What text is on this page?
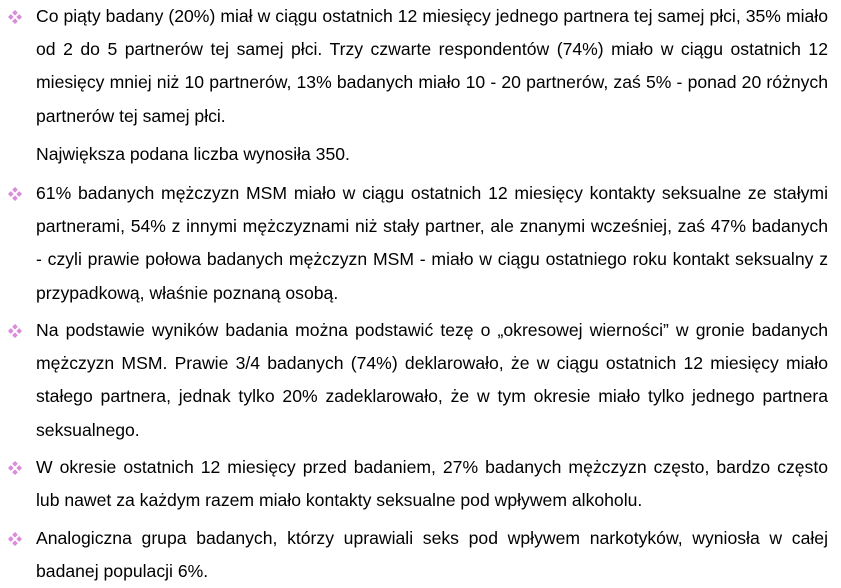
Co piąty badany (20%) miał w ciągu ostatnich 12 miesięcy jednego partnera tej samej płci, 35% miało od 2 do 5 partnerów tej samej płci. Trzy czwarte respondentów (74%) miało w ciągu ostatnich 12 miesięcy mniej niż 10 partnerów, 13% badanych miało 10 - 20 partnerów, zaś 5% - ponad 20 różnych partnerów tej samej płci.

Największa podana liczba wynosiła 350.

61% badanych mężczyzn MSM miało w ciągu ostatnich 12 miesięcy kontakty seksualne ze stałymi partnerami, 54% z innymi mężczyznami niż stały partner, ale znanymi wcześniej, zaś 47% badanych - czyli prawie połowa badanych mężczyzn MSM - miało w ciągu ostatniego roku kontakt seksualny z przypadkową, właśnie poznaną osobą.

Na podstawie wyników badania można podstawić tezę o „okresowej wierności” w gronie badanych mężczyzn MSM. Prawie 3/4 badanych (74%) deklarowało, że w ciągu ostatnich 12 miesięcy miało stałego partnera, jednak tylko 20% zadeklarowało, że w tym okresie miało tylko jednego partnera seksualnego.

W okresie ostatnich 12 miesięcy przed badaniem, 27% badanych mężczyzn często, bardzo często lub nawet za każdym razem miało kontakty seksualne pod wpływem alkoholu.

Analogiczna grupa badanych, którzy uprawiali seks pod wpływem narkotyków, wyniosła w całej badanej populacji 6%.
